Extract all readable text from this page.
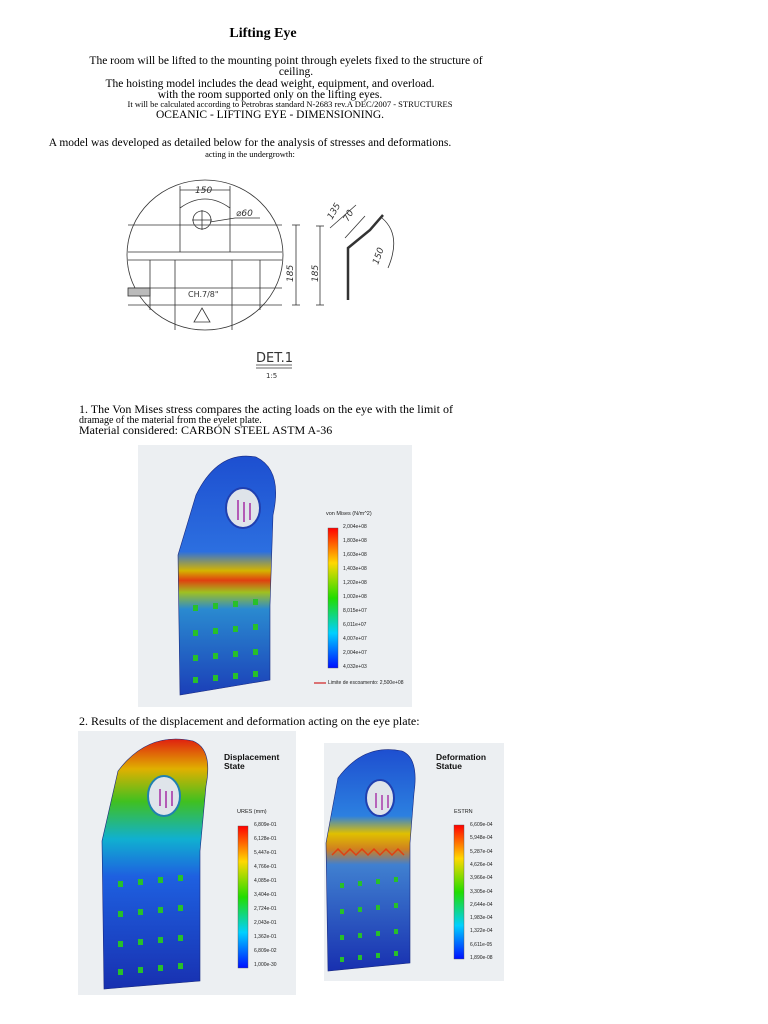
Lifting Eye
The room will be lifted to the mounting point through eyelets fixed to the structure of
ceiling.
The hoisting model includes the dead weight, equipment, and overload.
with the room supported only on the lifting eyes.
It will be calculated according to Petrobras standard N-2683 rev.A DEC/2007 - STRUCTURES
OCEANIC - LIFTING EYE - DIMENSIONING.
A model was developed as detailed below for the analysis of stresses and deformations.
acting in the undergrowth:
150
⌀60
CH.7/8"
185 185
135
70
150
DET.1
1:5
1. The Von Mises stress compares the acting loads on the eye with the limit of
dramage of the material from the eyelet plate.
Material considered: CARBON STEEL ASTM A-36
von Mises (N/m^2)
2,004e+08
1,803e+08
1,603e+08
1,403e+08
1,202e+08
1,002e+08
8,015e+07
6,011e+07
4,007e+07
2,004e+07
4,032e+03
Limite de escoamento: 2,500e+08
2. Results of the displacement and deformation acting on the eye plate:
Displacement
State
URES (mm)
6,809e-01
6,128e-01
5,447e-01
4,766e-01
4,085e-01
3,404e-01
2,724e-01
2,043e-01
1,362e-01
6,809e-02
1,000e-30
Deformation
Statue
ESTRN
6,609e-04
5,948e-04
5,287e-04
4,626e-04
3,966e-04
3,305e-04
2,644e-04
1,983e-04
1,322e-04
6,611e-05
1,890e-08
